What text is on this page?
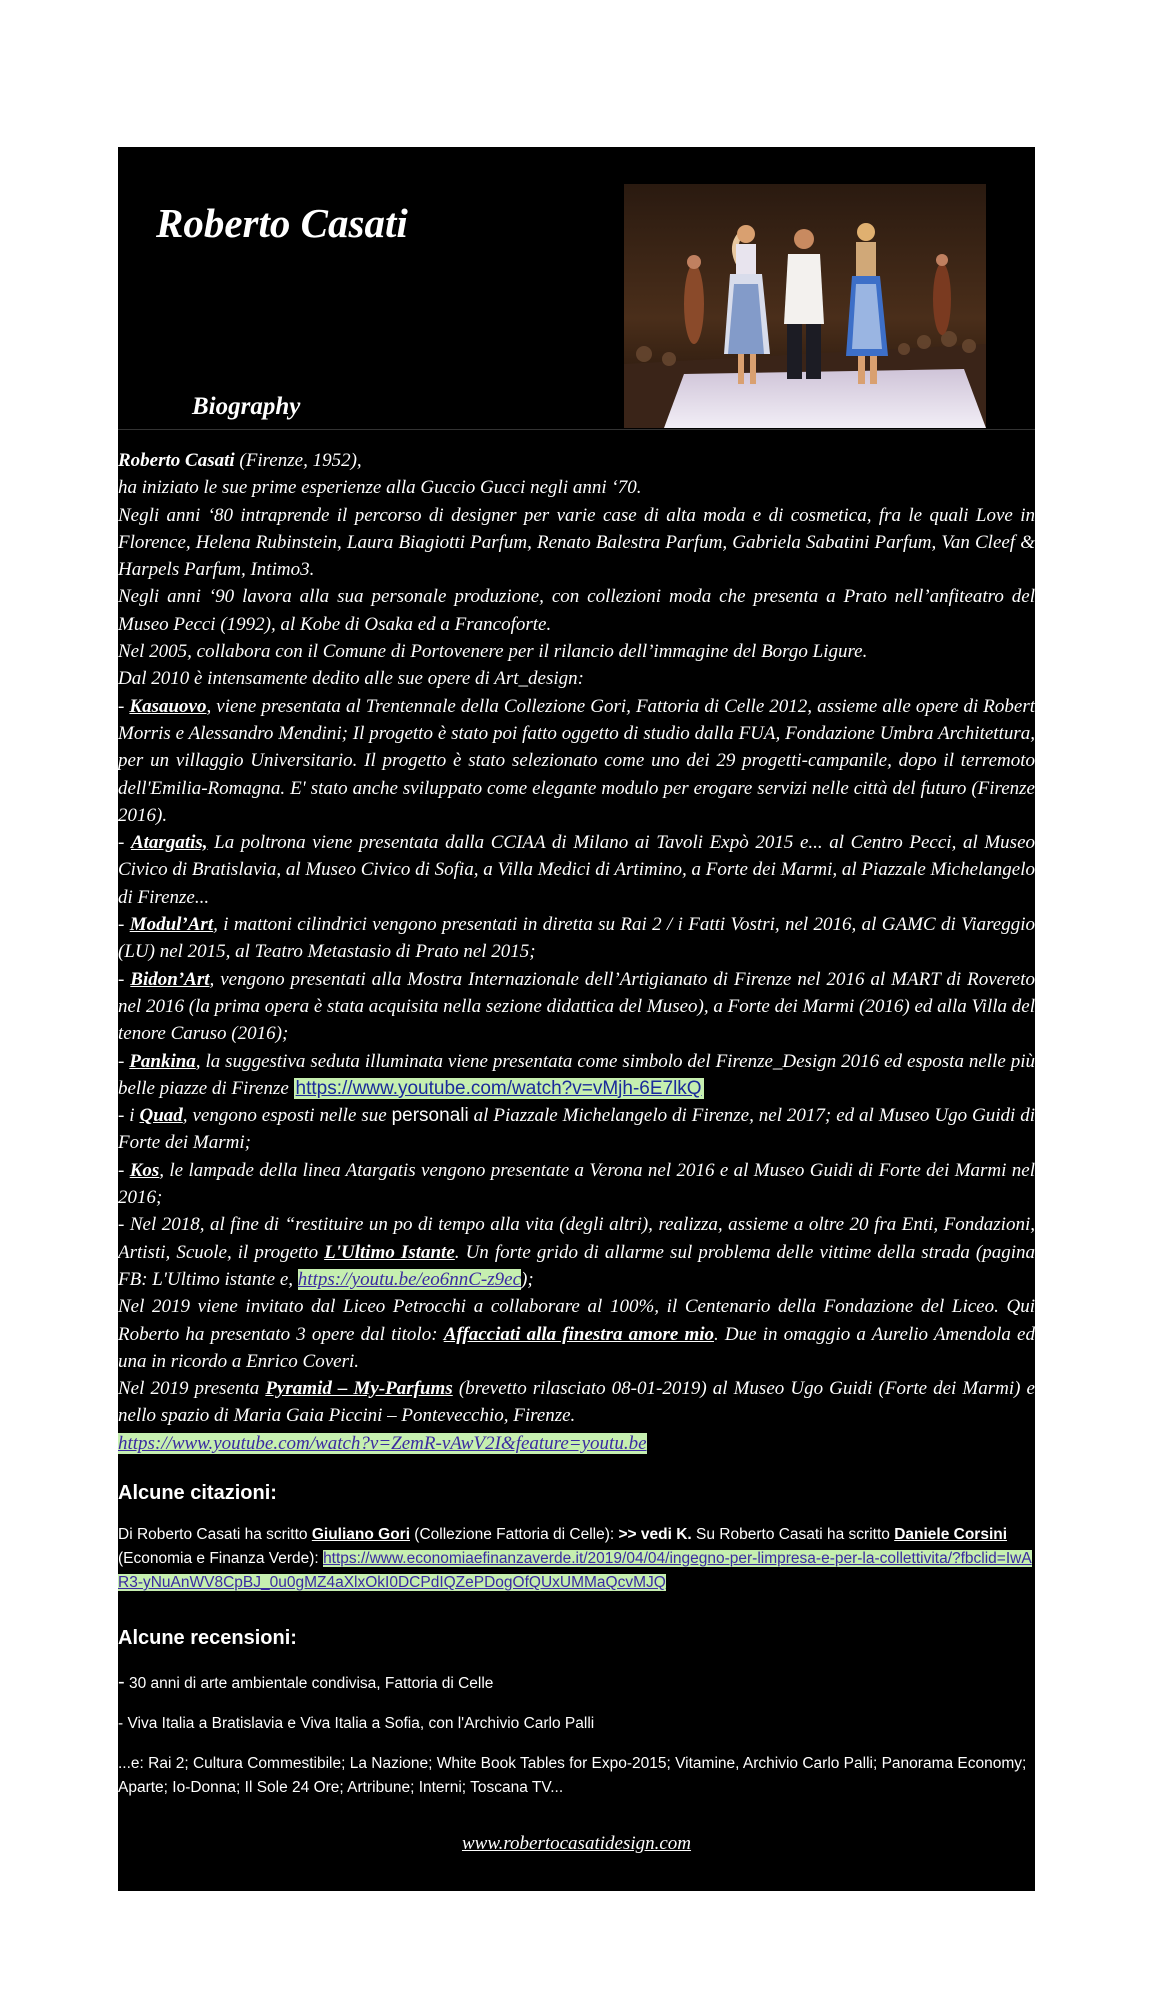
Roberto Casati
Biography

Roberto Casati (Firenze, 1952),

ha iniziato le sue prime esperienze alla Guccio Gucci negli anni ‘70.

Negli anni ‘80 intraprende il percorso di designer per varie case di alta moda e di cosmetica, fra le quali Love in Florence, Helena Rubinstein, Laura Biagiotti Parfum, Renato Balestra Parfum, Gabriela Sabatini Parfum, Van Cleef & Harpels Parfum, Intimo3.

Negli anni ‘90 lavora alla sua personale produzione, con collezioni moda che presenta a Prato nell’anfiteatro del Museo Pecci (1992), al Kobe di Osaka ed a Francoforte.

Nel 2005, collabora con il Comune di Portovenere per il rilancio dell’immagine del Borgo Ligure.

Dal 2010 è intensamente dedito alle sue opere di Art_design:

- Kasauovo, viene presentata al Trentennale della Collezione Gori, Fattoria di Celle 2012, assieme alle opere di Robert Morris e Alessandro Mendini; Il progetto è stato poi fatto oggetto di studio dalla FUA, Fondazione Umbra Architettura, per un villaggio Universitario. Il progetto è stato selezionato come uno dei 29 progetti-campanile, dopo il terremoto dell'Emilia-Romagna. E' stato anche sviluppato come elegante modulo per erogare servizi nelle città del futuro (Firenze 2016).

- Atargatis, La poltrona viene presentata dalla CCIAA di Milano ai Tavoli Expò 2015 e... al Centro Pecci, al Museo Civico di Bratislavia, al Museo Civico di Sofia, a Villa Medici di Artimino, a Forte dei Marmi, al Piazzale Michelangelo di Firenze...

- Modul’Art, i mattoni cilindrici vengono presentati in diretta su Rai 2 / i Fatti Vostri, nel 2016, al GAMC di Viareggio (LU) nel 2015, al Teatro Metastasio di Prato nel 2015;

- Bidon’Art, vengono presentati alla Mostra Internazionale dell’Artigianato di Firenze nel 2016 al MART di Rovereto nel 2016 (la prima opera è stata acquisita nella sezione didattica del Museo), a Forte dei Marmi (2016) ed alla Villa del tenore Caruso (2016);

- Pankina, la suggestiva seduta illuminata viene presentata come simbolo del Firenze_Design 2016 ed esposta nelle più belle piazze di Firenze https://www.youtube.com/watch?v=vMjh-6E7lkQ

- i Quad, vengono esposti nelle sue personali al Piazzale Michelangelo di Firenze, nel 2017; ed al Museo Ugo Guidi di Forte dei Marmi;

- Kos, le lampade della linea Atargatis vengono presentate a Verona nel 2016 e al Museo Guidi di Forte dei Marmi nel 2016;

- Nel 2018, al fine di “restituire un po di tempo alla vita (degli altri), realizza, assieme a oltre 20 fra Enti, Fondazioni, Artisti, Scuole, il progetto L'Ultimo Istante. Un forte grido di allarme sul problema delle vittime della strada (pagina FB: L'Ultimo istante e, https://youtu.be/eo6nnC-z9ec);

Nel 2019 viene invitato dal Liceo Petrocchi a collaborare al 100%, il Centenario della Fondazione del Liceo. Qui Roberto ha presentato 3 opere dal titolo: Affacciati alla finestra amore mio. Due in omaggio a Aurelio Amendola ed una in ricordo a Enrico Coveri.

Nel 2019 presenta Pyramid – My-Parfums (brevetto rilasciato 08-01-2019) al Museo Ugo Guidi (Forte dei Marmi) e nello spazio di Maria Gaia Piccini – Pontevecchio, Firenze.

https://www.youtube.com/watch?v=ZemR-vAwV2I&feature=youtu.be

Alcune citazioni:

Di Roberto Casati ha scritto Giuliano Gori (Collezione Fattoria di Celle): >> vedi K. Su Roberto Casati ha scritto Daniele Corsini (Economia e Finanza Verde): https://www.economiaefinanzaverde.it/2019/04/04/ingegno-per-limpresa-e-per-la-collettivita/?fbclid=IwAR3-yNuAnWV8CpBJ_0u0gMZ4aXlxOkI0DCPdIQZePDogOfQUxUMMaQcvMJQ

Alcune recensioni:

- 30 anni di arte ambientale condivisa, Fattoria di Celle

- Viva Italia a Bratislavia e Viva Italia a Sofia, con l'Archivio Carlo Palli

...e: Rai 2; Cultura Commestibile; La Nazione; White Book Tables for Expo-2015; Vitamine, Archivio Carlo Palli; Panorama Economy; Aparte; Io-Donna; Il Sole 24 Ore; Artribune; Interni; Toscana TV...

www.robertocasatidesign.com
